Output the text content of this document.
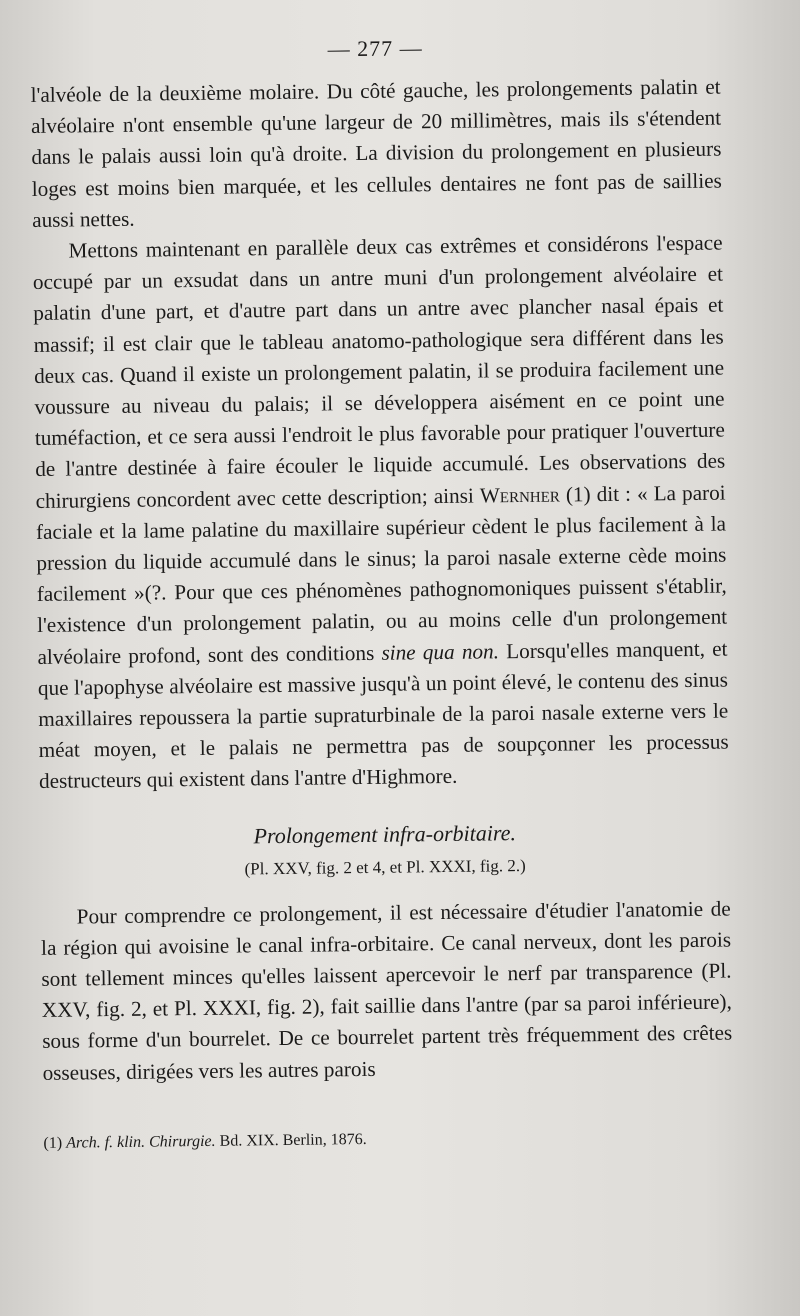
— 277 —

l'alvéole de la deuxième molaire. Du côté gauche, les prolongements palatin et alvéolaire n'ont ensemble qu'une largeur de 20 millimètres, mais ils s'étendent dans le palais aussi loin qu'à droite. La division du prolongement en plusieurs loges est moins bien marquée, et les cellules dentaires ne font pas de saillies aussi nettes.

Mettons maintenant en parallèle deux cas extrêmes et considérons l'espace occupé par un exsudat dans un antre muni d'un prolongement alvéolaire et palatin d'une part, et d'autre part dans un antre avec plancher nasal épais et massif; il est clair que le tableau anatomo-pathologique sera différent dans les deux cas. Quand il existe un prolongement palatin, il se produira facilement une voussure au niveau du palais; il se développera aisément en ce point une tuméfaction, et ce sera aussi l'endroit le plus favorable pour pratiquer l'ouverture de l'antre destinée à faire écouler le liquide accumulé. Les observations des chirurgiens concordent avec cette description; ainsi Wernher (1) dit : « La paroi faciale et la lame palatine du maxillaire supérieur cèdent le plus facilement à la pression du liquide accumulé dans le sinus; la paroi nasale externe cède moins facilement »(?. Pour que ces phénomènes pathognomoniques puissent s'établir, l'existence d'un prolongement palatin, ou au moins celle d'un prolongement alvéolaire profond, sont des conditions sine qua non. Lorsqu'elles manquent, et que l'apophyse alvéolaire est massive jusqu'à un point élevé, le contenu des sinus maxillaires repoussera la partie supraturbinale de la paroi nasale externe vers le méat moyen, et le palais ne permettra pas de soupçonner les processus destructeurs qui existent dans l'antre d'Highmore.

Prolongement infra-orbitaire.
(Pl. XXV, fig. 2 et 4, et Pl. XXXI, fig. 2.)

Pour comprendre ce prolongement, il est nécessaire d'étudier l'anatomie de la région qui avoisine le canal infra-orbitaire. Ce canal nerveux, dont les parois sont tellement minces qu'elles laissent apercevoir le nerf par transparence (Pl. XXV, fig. 2, et Pl. XXXI, fig. 2), fait saillie dans l'antre (par sa paroi inférieure), sous forme d'un bourrelet. De ce bourrelet partent très fréquemment des crêtes osseuses, dirigées vers les autres parois

(1) Arch. f. klin. Chirurgie. Bd. XIX. Berlin, 1876.
